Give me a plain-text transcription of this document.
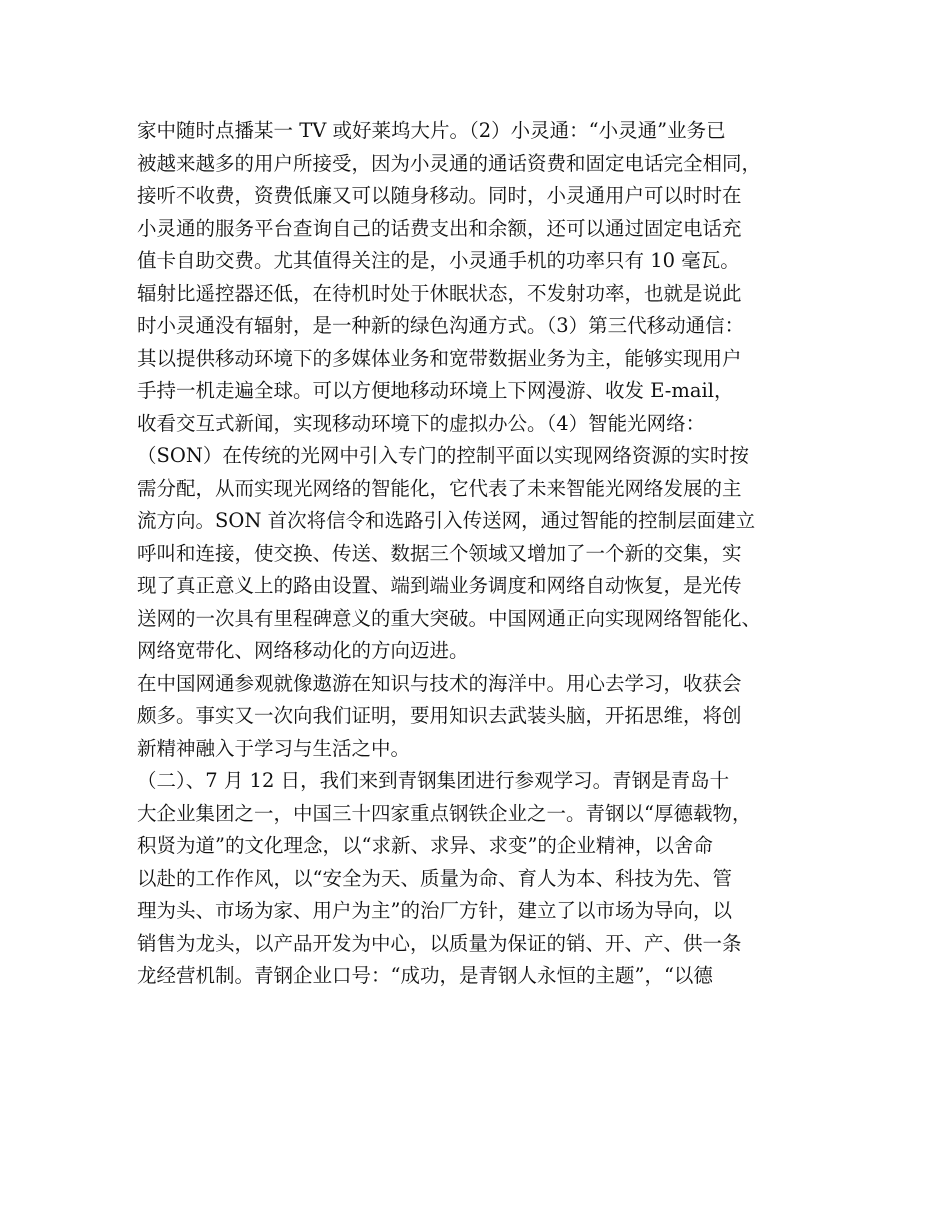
家中随时点播某一 TV 或好莱坞大片。（2）小灵通：“小灵通”业务已
被越来越多的用户所接受，因为小灵通的通话资费和固定电话完全相同，
接听不收费，资费低廉又可以随身移动。同时，小灵通用户可以时时在
小灵通的服务平台查询自己的话费支出和余额，还可以通过固定电话充
值卡自助交费。尤其值得关注的是，小灵通手机的功率只有 10 毫瓦。
辐射比遥控器还低，在待机时处于休眠状态，不发射功率，也就是说此
时小灵通没有辐射，是一种新的绿色沟通方式。（3）第三代移动通信：
其以提供移动环境下的多媒体业务和宽带数据业务为主，能够实现用户
手持一机走遍全球。可以方便地移动环境上下网漫游、收发 E-mail，
收看交互式新闻，实现移动环境下的虚拟办公。（4）智能光网络：
（SON）在传统的光网中引入专门的控制平面以实现网络资源的实时按
需分配，从而实现光网络的智能化，它代表了未来智能光网络发展的主
流方向。SON 首次将信令和选路引入传送网，通过智能的控制层面建立
呼叫和连接，使交换、传送、数据三个领域又增加了一个新的交集，实
现了真正意义上的路由设置、端到端业务调度和网络自动恢复，是光传
送网的一次具有里程碑意义的重大突破。中国网通正向实现网络智能化、
网络宽带化、网络移动化的方向迈进。
在中国网通参观就像遨游在知识与技术的海洋中。用心去学习，收获会
颇多。事实又一次向我们证明，要用知识去武装头脑，开拓思维，将创
新精神融入于学习与生活之中。
（二）、7 月 12 日，我们来到青钢集团进行参观学习。青钢是青岛十
大企业集团之一，中国三十四家重点钢铁企业之一。青钢以“厚德载物，
积贤为道”的文化理念，以“求新、求异、求变”的企业精神，以舍命
以赴的工作作风，以“安全为天、质量为命、育人为本、科技为先、管
理为头、市场为家、用户为主”的治厂方针，建立了以市场为导向，以
销售为龙头，以产品开发为中心，以质量为保证的销、开、产、供一条
龙经营机制。青钢企业口号：“成功，是青钢人永恒的主题”，“以德
